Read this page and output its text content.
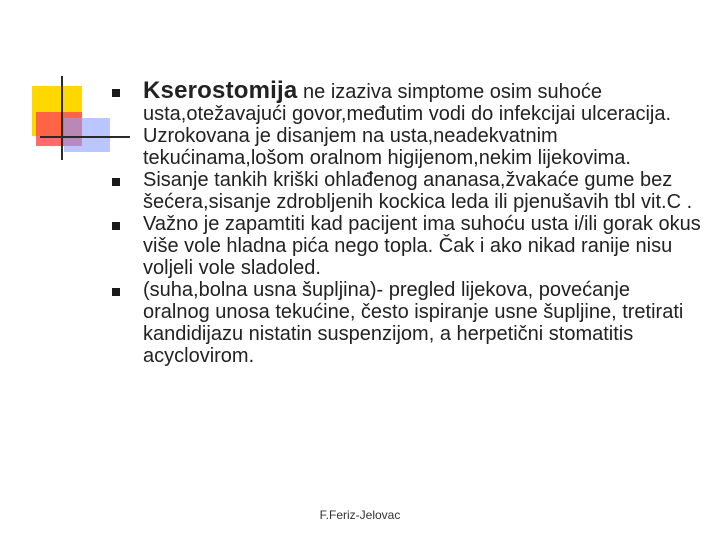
Kserostomija ne izaziva simptome osim suhoće
usta,otežavajući govor,međutim vodi do infekcijai ulceracija. Uzrokovana je disanjem na usta,neadekvatnim tekućinama,lošom oralnom higijenom,nekim lijekovima.
Sisanje tankih kriški ohlađenog ananasa,žvakaće gume bez šećera,sisanje zdrobljenih kockica leda ili pjenušavih tbl vit.C .
Važno je zapamtiti kad pacijent ima suhoću usta i/ili gorak okus više vole hladna pića nego topla. Čak i ako nikad ranije nisu voljeli vole sladoled.
(suha,bolna usna šupljina)- pregled lijekova, povećanje oralnog unosa tekućine, često ispiranje usne šupljine, tretirati kandidijazu nistatin suspenzijom, a herpetični stomatitis acyclovirom.
F.Feriz-Jelovac
